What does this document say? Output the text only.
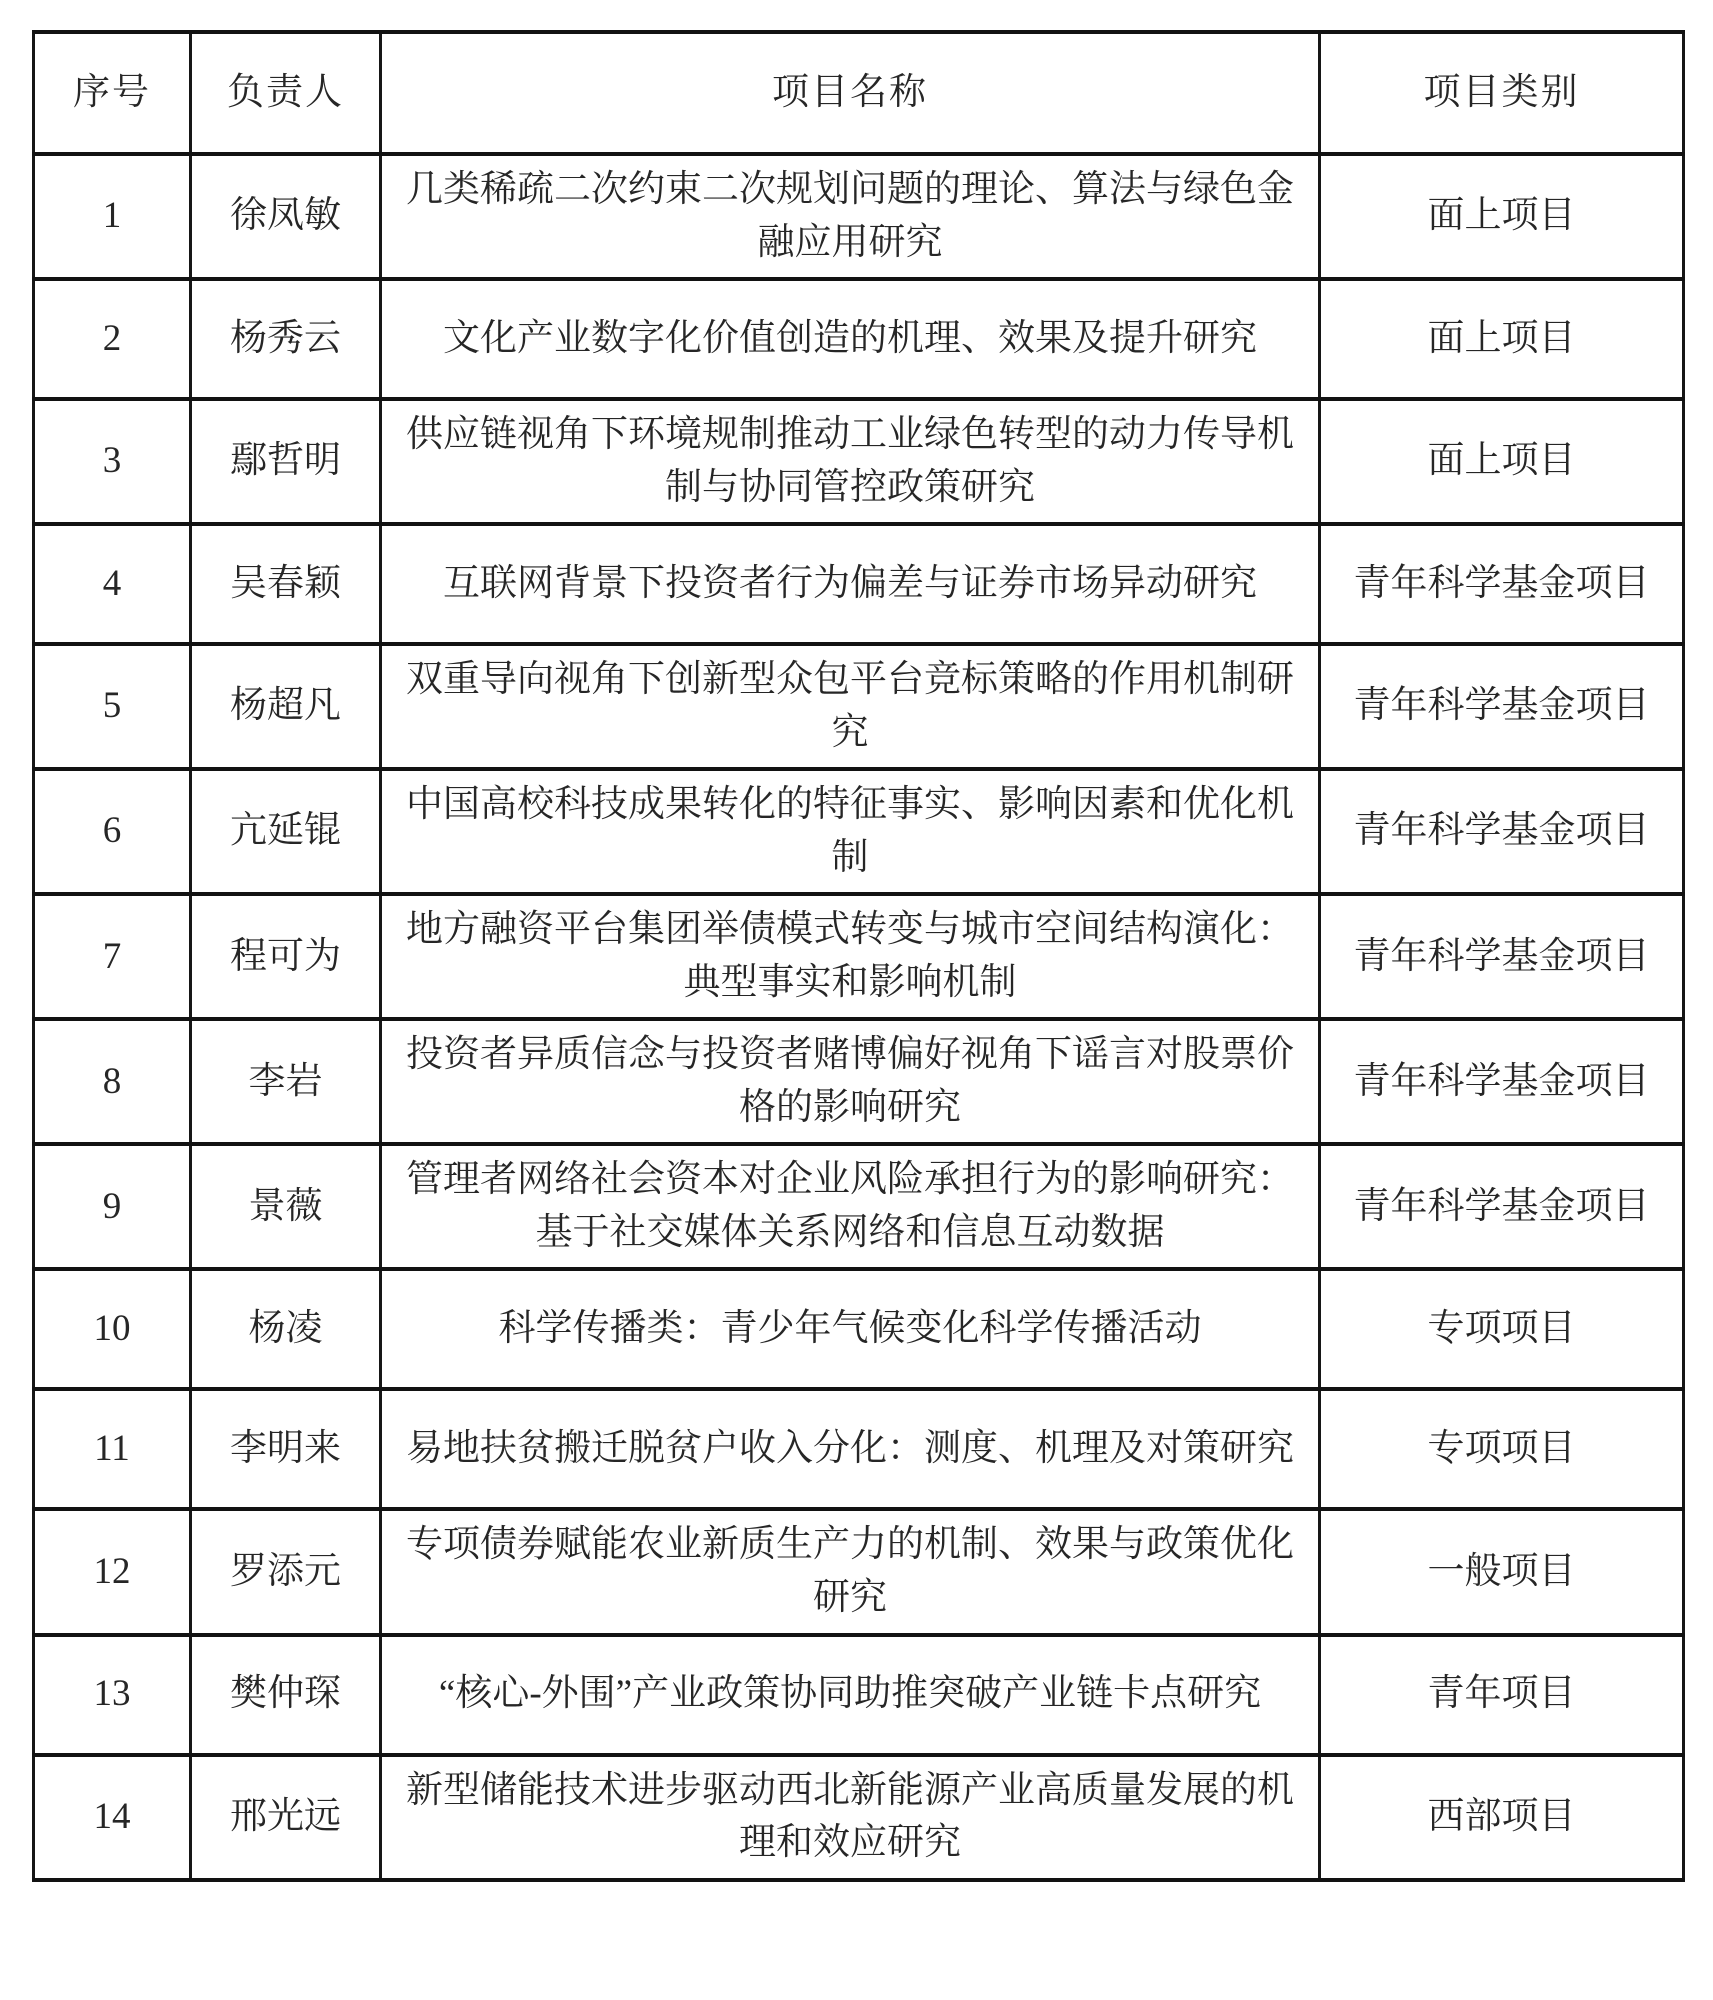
序号	负责人	项目名称	项目类别
1	徐凤敏	几类稀疏二次约束二次规划问题的理论、算法与绿色金融应用研究	面上项目
2	杨秀云	文化产业数字化价值创造的机理、效果及提升研究	面上项目
3	鄢哲明	供应链视角下环境规制推动工业绿色转型的动力传导机制与协同管控政策研究	面上项目
4	吴春颖	互联网背景下投资者行为偏差与证券市场异动研究	青年科学基金项目
5	杨超凡	双重导向视角下创新型众包平台竞标策略的作用机制研究	青年科学基金项目
6	亢延锟	中国高校科技成果转化的特征事实、影响因素和优化机制	青年科学基金项目
7	程可为	地方融资平台集团举债模式转变与城市空间结构演化：典型事实和影响机制	青年科学基金项目
8	李岩	投资者异质信念与投资者赌博偏好视角下谣言对股票价格的影响研究	青年科学基金项目
9	景薇	管理者网络社会资本对企业风险承担行为的影响研究：基于社交媒体关系网络和信息互动数据	青年科学基金项目
10	杨凌	科学传播类：青少年气候变化科学传播活动	专项项目
11	李明来	易地扶贫搬迁脱贫户收入分化：测度、机理及对策研究	专项项目
12	罗添元	专项债券赋能农业新质生产力的机制、效果与政策优化研究	一般项目
13	樊仲琛	“核心-外围”产业政策协同助推突破产业链卡点研究	青年项目
14	邢光远	新型储能技术进步驱动西北新能源产业高质量发展的机理和效应研究	西部项目
